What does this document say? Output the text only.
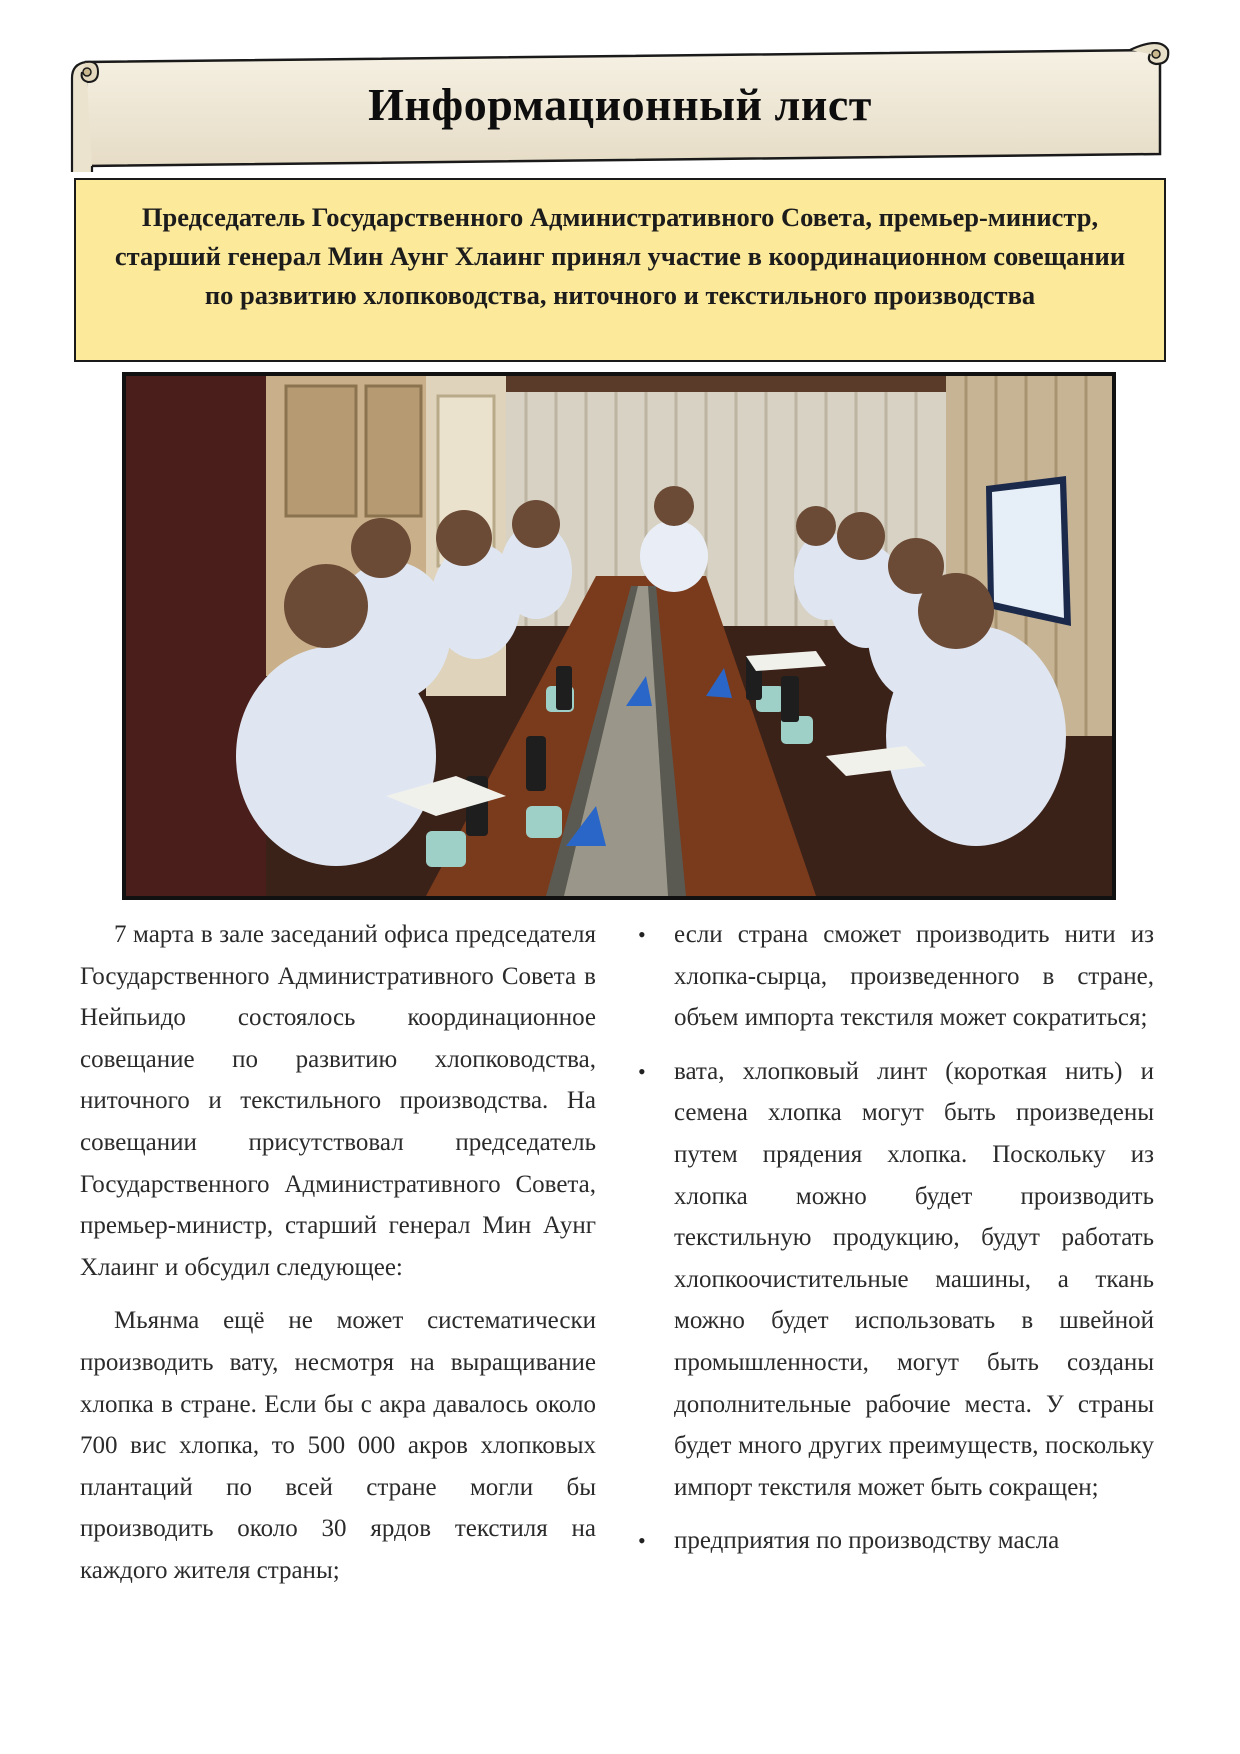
Информационный лист
Председатель Государственного Административного Совета, премьер-министр, старший генерал Мин Аунг Хлаинг принял участие в координационном совещании по развитию хлопководства, ниточного и текстильного производства

7 марта в зале заседаний офиса председателя Государственного Административного Совета в Нейпьидо состоялось координационное совещание по развитию хлопководства, ниточного и текстильного производства. На совещании присутствовал председатель Государственного Административного Совета, премьер-министр, старший генерал Мин Аунг Хлаинг и обсудил следующее:

Мьянма ещё не может систематически производить вату, несмотря на выращивание хлопка в стране. Если бы с акра давалось около 700 вис хлопка, то 500 000 акров хлопковых плантаций по всей стране могли бы производить около 30 ярдов текстиля на каждого жителя страны;

• если страна сможет производить нити из хлопка-сырца, произведенного в стране, объем импорта текстиля может сократиться;
• вата, хлопковый линт (короткая нить) и семена хлопка могут быть произведены путем прядения хлопка. Поскольку из хлопка можно будет производить текстильную продукцию, будут работать хлопкоочистительные машины, а ткань можно будет использовать в швейной промышленности, могут быть созданы дополнительные рабочие места. У страны будет много других преимуществ, поскольку импорт текстиля может быть сокращен;
• предприятия по производству масла
